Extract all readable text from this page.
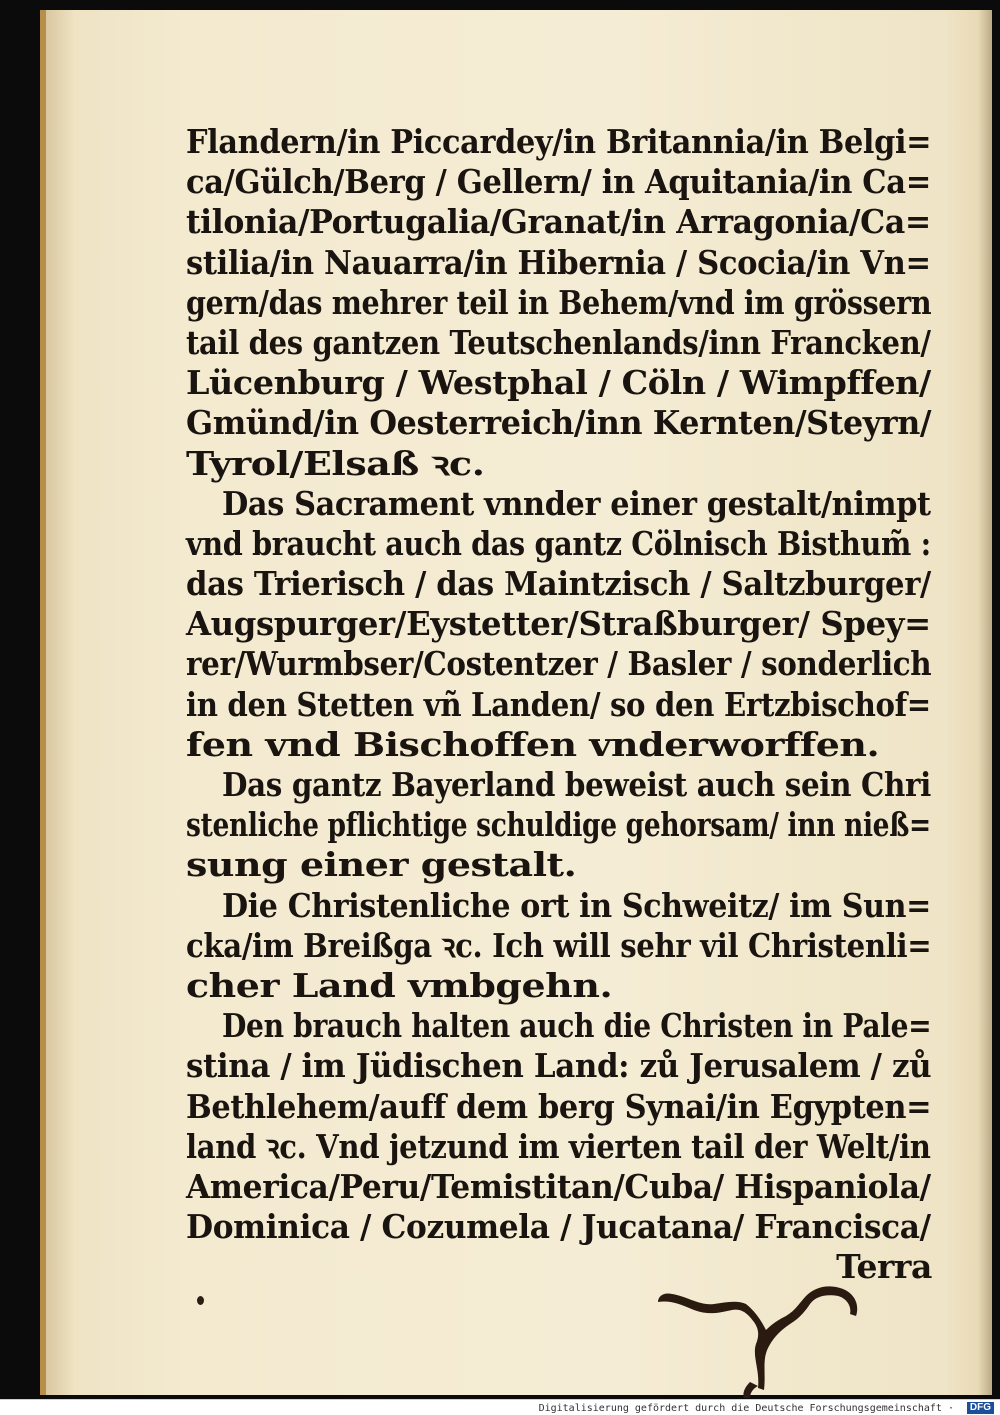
Flandern/in Piccardey/in Britannia/in Belgi=
ca/Gülch/Berg / Gellern/ in Aquitania/in Ca=
tilonia/Portugalia/Granat/in Arragonia/Ca=
stilia/in Nauarra/in Hibernia / Scocia/in Vn=
gern/das mehrer teil in Behem/vnd im grössern
tail des gantzen Teutschenlands/inn Francken/
Lücenburg / Westphal / Cöln / Wimpffen/
Gmünd/in Oesterreich/inn Kernten/Steyrn/
Tyrol/Elsaß ꝛc.
Das Sacrament vnnder einer gestalt/nimpt
vnd braucht auch das gantz Cölnisch Bisthum̃ :
das Trierisch / das Maintzisch / Saltzburger/
Augspurger/Eystetter/Straßburger/ Spey=
rer/Wurmbser/Costentzer / Basler / sonderlich
in den Stetten vñ Landen/ so den Ertzbischof=
fen vnd Bischoffen vnderworffen.
Das gantz Bayerland beweist auch sein Chri
stenliche pflichtige schuldige gehorsam/ inn nieß=
sung einer gestalt.
Die Christenliche ort in Schweitz/ im Sun=
cka/im Breißga ꝛc. Ich will sehr vil Christenli=
cher Land vmbgehn.
Den brauch halten auch die Christen in Pale=
stina / im Jüdischen Land: zů Jerusalem / zů
Bethlehem/auff dem berg Synai/in Egypten=
land ꝛc. Vnd jetzund im vierten tail der Welt/in
America/Peru/Temistitan/Cuba/ Hispaniola/
Dominica / Cozumela / Jucatana/ Francisca/
Terra
Digitalisierung gefördert durch die Deutsche Forschungsgemeinschaft ·	DFG
